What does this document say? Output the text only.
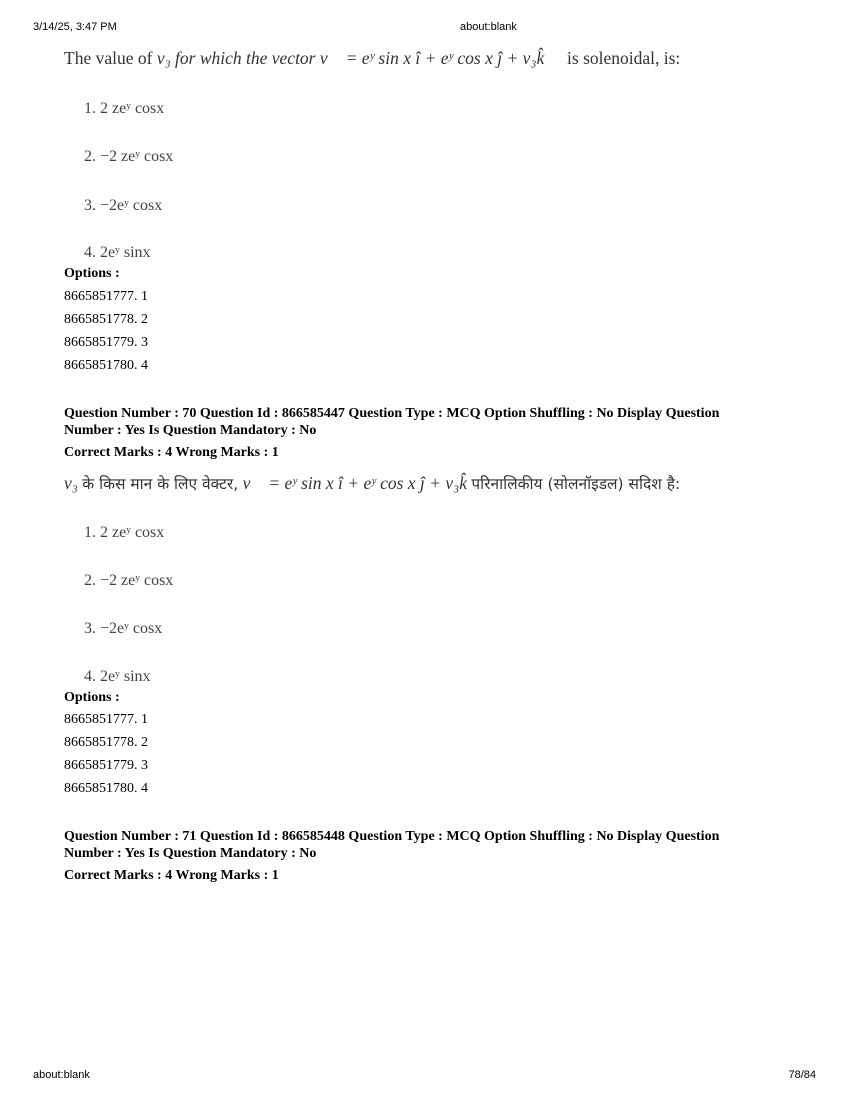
3/14/25, 3:47 PM	about:blank
The value of v₃ for which the vector v⃗ = eʸ sin x î + eʸ cos x ĵ + v₃k̂ is solenoidal, is:
1. 2 zeʸ cosx
2. −2 zeʸ cosx
3. −2eʸ cosx
4. 2eʸ sinx
Options :
8665851777. 1
8665851778. 2
8665851779. 3
8665851780. 4
Question Number : 70 Question Id : 866585447 Question Type : MCQ Option Shuffling : No Display Question
Number : Yes Is Question Mandatory : No
Correct Marks : 4 Wrong Marks : 1
v₃ के किस मान के लिए वेक्टर, v⃗ = eʸ sin x î + eʸ cos x ĵ + v₃k̂ परिनालिकीय (सोलनॉइडल) सदिश है:
1. 2 zeʸ cosx
2. −2 zeʸ cosx
3. −2eʸ cosx
4. 2eʸ sinx
Options :
8665851777. 1
8665851778. 2
8665851779. 3
8665851780. 4
Question Number : 71 Question Id : 866585448 Question Type : MCQ Option Shuffling : No Display Question
Number : Yes Is Question Mandatory : No
Correct Marks : 4 Wrong Marks : 1
about:blank	78/84
